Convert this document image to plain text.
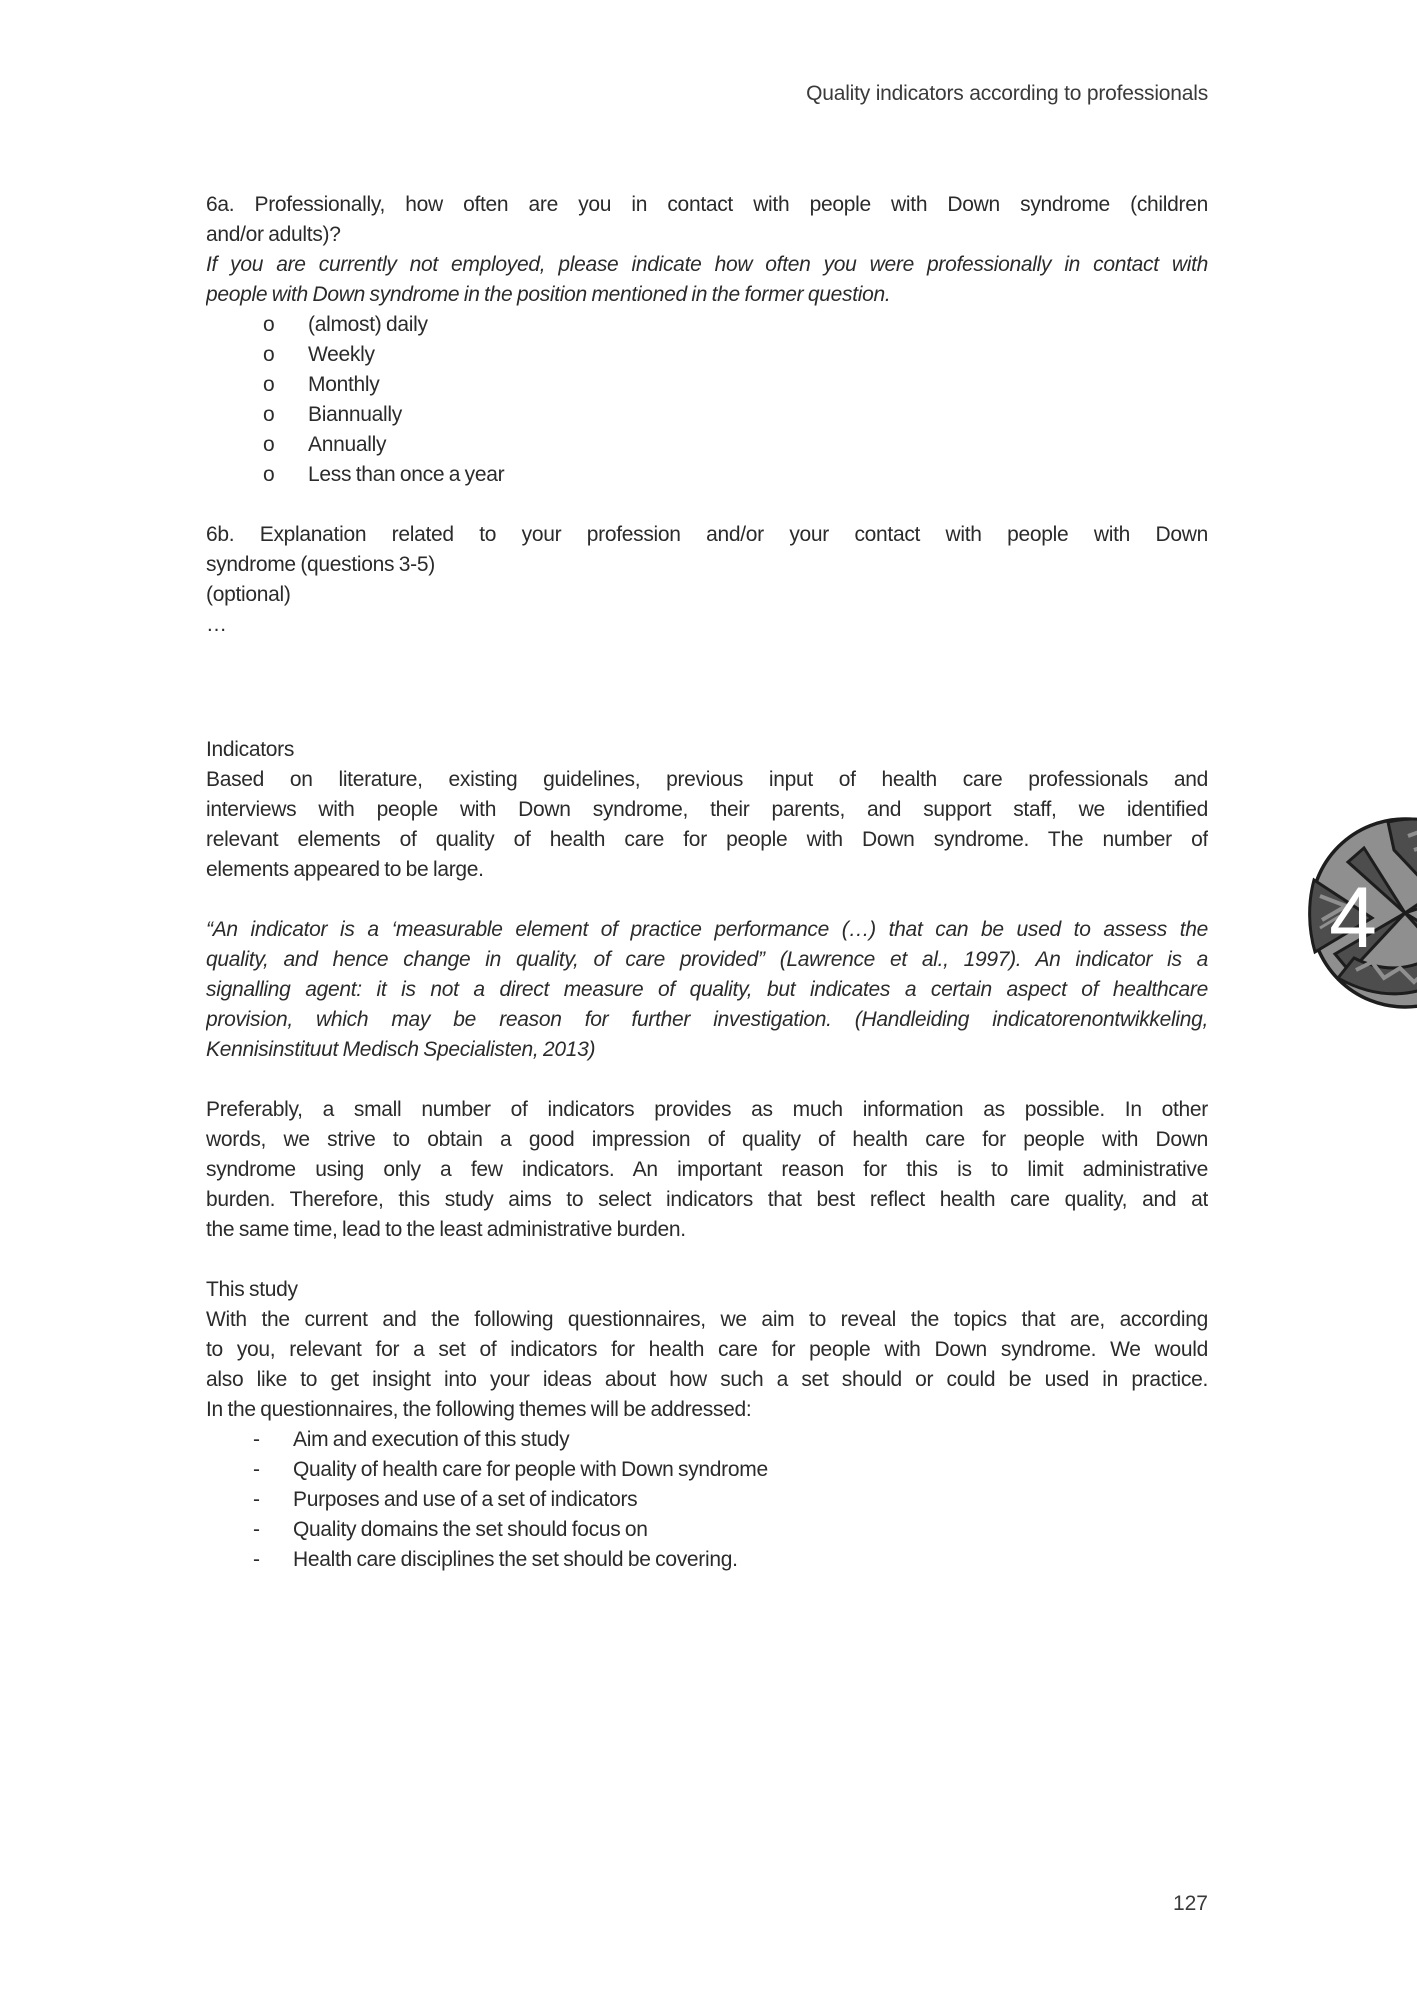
Quality indicators according to professionals
4
6a. Professionally, how often are you in contact with people with Down syndrome (children
and/or adults)?
If you are currently not employed, please indicate how often you were professionally in contact with
people with Down syndrome in the position mentioned in the former question.
o	(almost) daily
o	Weekly
o	Monthly
o	Biannually
o	Annually
o	Less than once a year
6b. Explanation related to your profession and/or your contact with people with Down
syndrome (questions 3-5)
(optional)
…
Indicators
Based on literature, existing guidelines, previous input of health care professionals and
interviews with people with Down syndrome, their parents, and support staff, we identified
relevant elements of quality of health care for people with Down syndrome. The number of
elements appeared to be large.
“An indicator is a ‘measurable element of practice performance (…) that can be used to assess the
quality, and hence change in quality, of care provided” (Lawrence et al., 1997). An indicator is a
signalling agent: it is not a direct measure of quality, but indicates a certain aspect of healthcare
provision, which may be reason for further investigation. (Handleiding indicatorenontwikkeling,
Kennisinstituut Medisch Specialisten, 2013)
Preferably, a small number of indicators provides as much information as possible. In other
words, we strive to obtain a good impression of quality of health care for people with Down
syndrome using only a few indicators. An important reason for this is to limit administrative
burden. Therefore, this study aims to select indicators that best reflect health care quality, and at
the same time, lead to the least administrative burden.
This study
With the current and the following questionnaires, we aim to reveal the topics that are, according
to you, relevant for a set of indicators for health care for people with Down syndrome. We would
also like to get insight into your ideas about how such a set should or could be used in practice.
In the questionnaires, the following themes will be addressed:
-	Aim and execution of this study
-	Quality of health care for people with Down syndrome
-	Purposes and use of a set of indicators
-	Quality domains the set should focus on
-	Health care disciplines the set should be covering.
127
